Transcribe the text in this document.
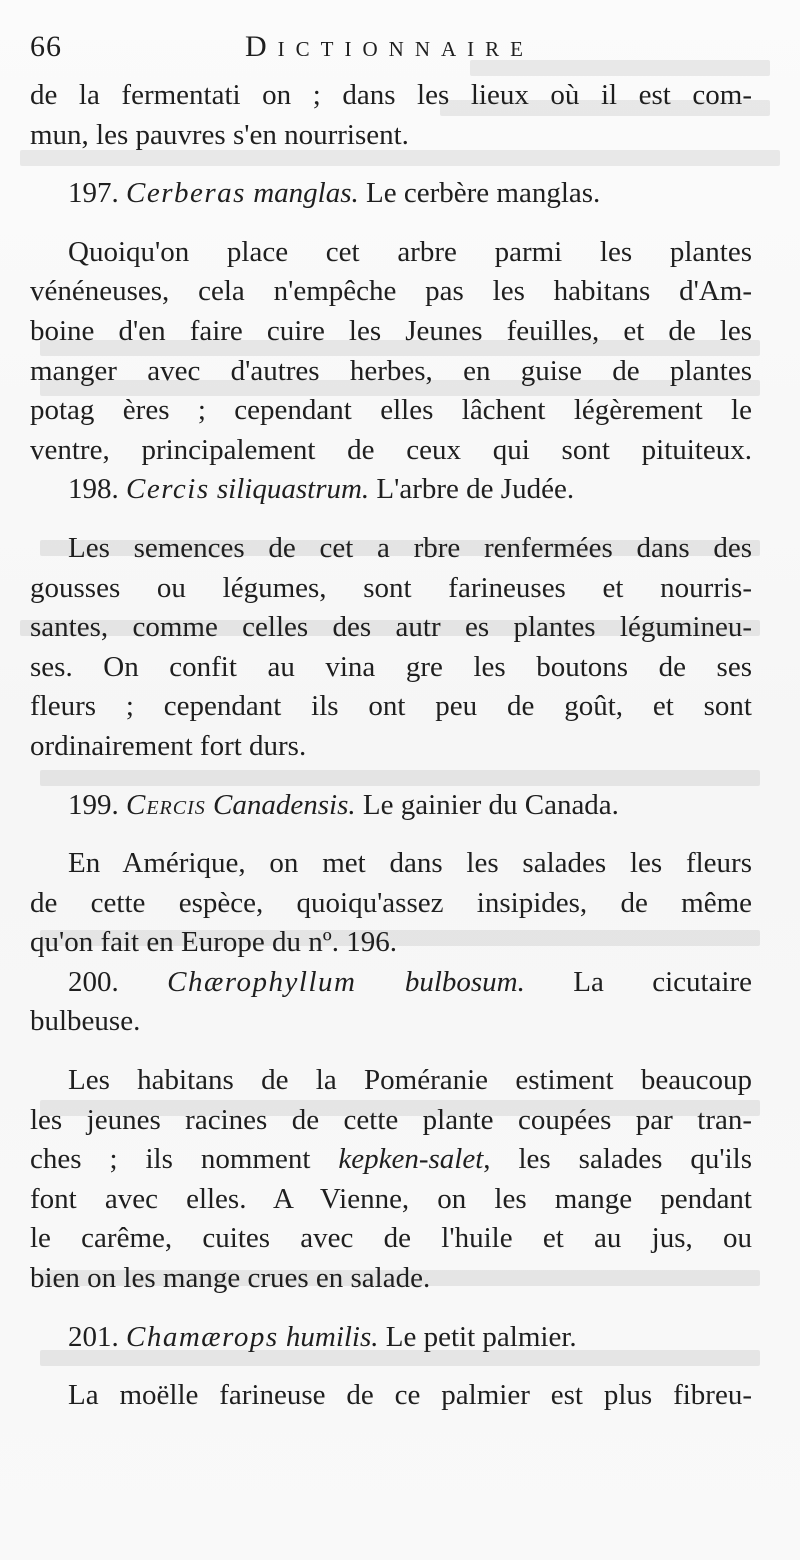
66	Dictionnaire
de la fermentati on ; dans les lieux où il est com-
mun, les pauvres s'en nourrisent.
197. Cerberas manglas. Le cerbère manglas.
Quoiqu'on place cet arbre parmi les plantes
vénéneuses, cela n'empêche pas les habitans d'Am-
boine d'en faire cuire les Jeunes feuilles, et de les
manger avec d'autres herbes, en guise de plantes
potag ères ; cependant elles lâchent légèrement le
ventre, principalement de ceux qui sont pituiteux.
198. Cercis siliquastrum. L'arbre de Judée.
Les semences de cet a rbre renfermées dans des
gousses ou légumes, sont farineuses et nourris-
santes, comme celles des autr es plantes légumineu-
ses. On confit au vina gre les boutons de ses
fleurs ; cependant ils ont peu de goût, et sont
ordinairement fort durs.
199. Cercis Canadensis. Le gainier du Canada.
En Amérique, on met dans les salades les fleurs
de cette espèce, quoiqu'assez insipides, de même
qu'on fait en Europe du nº. 196.
200. Chærophyllum bulbosum. La cicutaire
bulbeuse.
Les habitans de la Poméranie estiment beaucoup
les jeunes racines de cette plante coupées par tran-
ches ; ils nomment kepken-salet, les salades qu'ils
font avec elles. A Vienne, on les mange pendant
le carême, cuites avec de l'huile et au jus, ou
bien on les mange crues en salade.
201. Chamærops humilis. Le petit palmier.
La moëlle farineuse de ce palmier est plus fibreu-
